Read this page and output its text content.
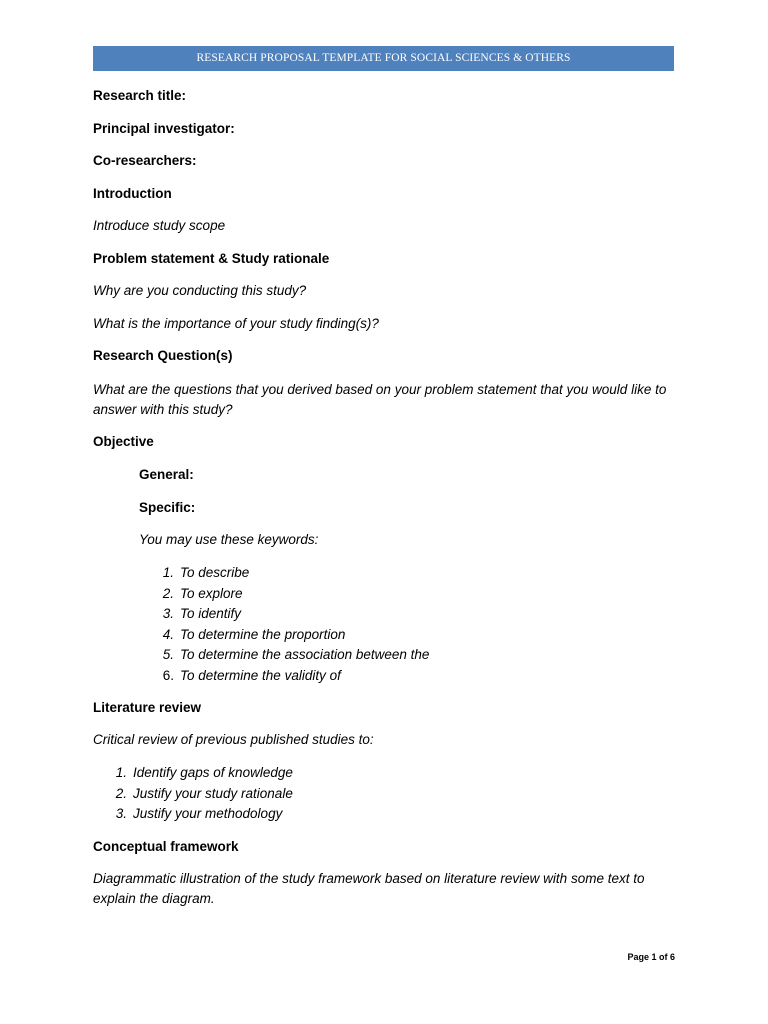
RESEARCH PROPOSAL TEMPLATE FOR SOCIAL SCIENCES & OTHERS
Research title:
Principal investigator:
Co-researchers:
Introduction
Introduce study scope
Problem statement & Study rationale
Why are you conducting this study?
What is the importance of your study finding(s)?
Research Question(s)
What are the questions that you derived based on your problem statement that you would like to answer with this study?
Objective
General:
Specific:
You may use these keywords:
1. To describe
2. To explore
3. To identify
4. To determine the proportion
5. To determine the association between the
6. To determine the validity of
Literature review
Critical review of previous published studies to:
1. Identify gaps of knowledge
2. Justify your study rationale
3. Justify your methodology
Conceptual framework
Diagrammatic illustration of the study framework based on literature review with some text to explain the diagram.
Page 1 of 6
